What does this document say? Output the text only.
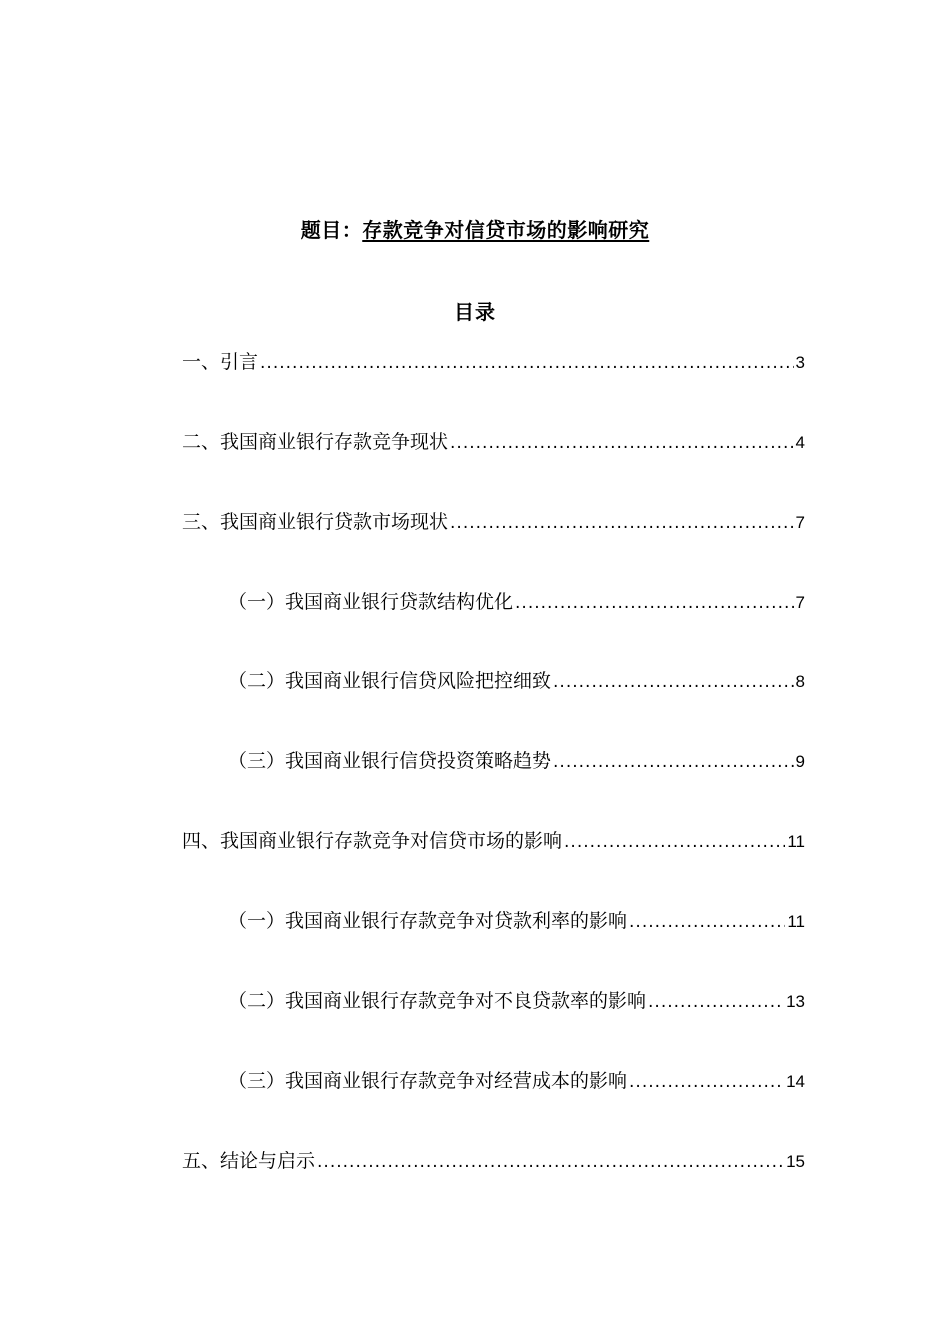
题目：存款竞争对信贷市场的影响研究
目录
一、引言 .....	3
二、我国商业银行存款竞争现状 .....	4
三、我国商业银行贷款市场现状 .....	7
（一）我国商业银行贷款结构优化 .....	7
（二）我国商业银行信贷风险把控细致 .....	8
（三）我国商业银行信贷投资策略趋势 .....	9
四、我国商业银行存款竞争对信贷市场的影响 .....	11
（一）我国商业银行存款竞争对贷款利率的影响 .....	11
（二）我国商业银行存款竞争对不良贷款率的影响 .....	13
（三）我国商业银行存款竞争对经营成本的影响 .....	14
五、结论与启示 .....	15
